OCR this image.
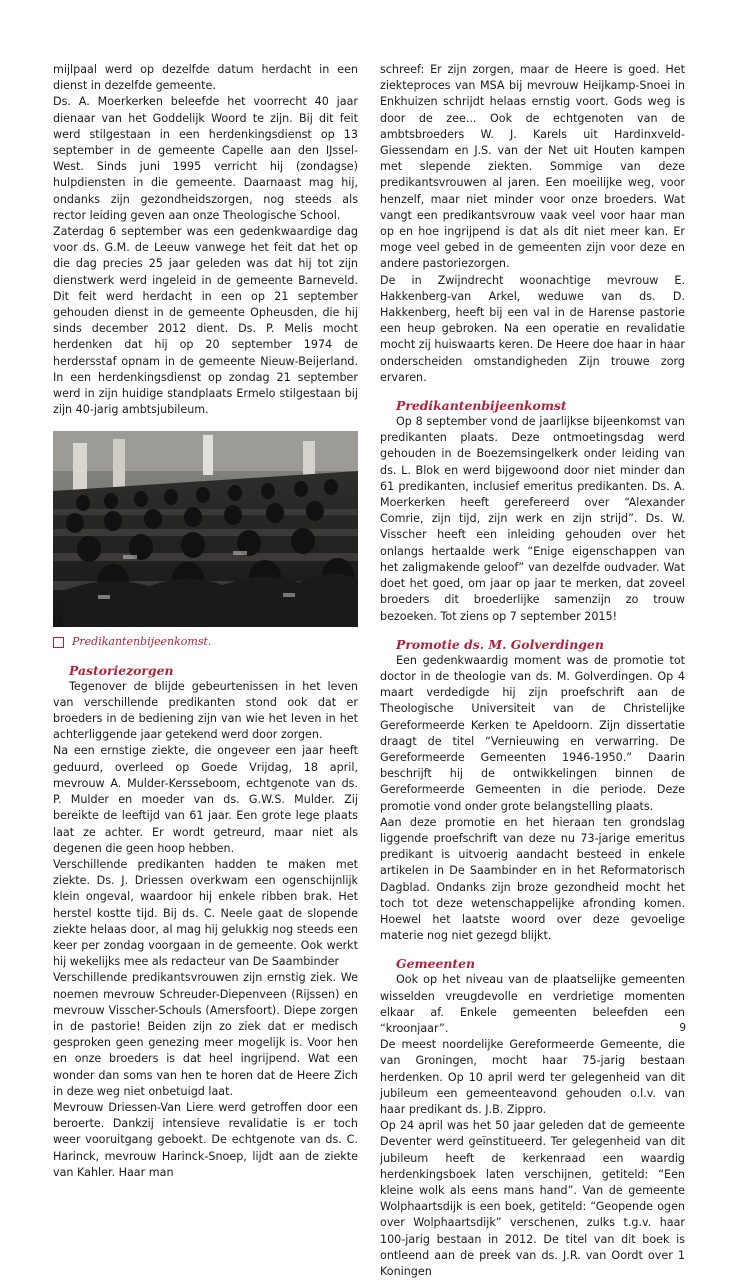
mijlpaal werd op dezelfde datum herdacht in een dienst in dezelfde gemeente.

Ds. A. Moerkerken beleefde het voorrecht 40 jaar dienaar van het Goddelijk Woord te zijn. Bij dit feit werd stilgestaan in een herdenkingsdienst op 13 september in de gemeente Capelle aan den IJssel-West. Sinds juni 1995 verricht hij (zondagse) hulpdiensten in die gemeente. Daarnaast mag hij, ondanks zijn gezondheidszorgen, nog steeds als rector leiding geven aan onze Theologische School.

Zaterdag 6 september was een gedenkwaardige dag voor ds. G.M. de Leeuw vanwege het feit dat het op die dag precies 25 jaar geleden was dat hij tot zijn dienstwerk werd ingeleid in de gemeente Barneveld. Dit feit werd herdacht in een op 21 september gehouden dienst in de gemeente Opheusden, die hij sinds december 2012 dient. Ds. P. Melis mocht herdenken dat hij op 20 september 1974 de herdersstaf opnam in de gemeente Nieuw-Beijerland. In een herdenkingsdienst op zondag 21 september werd in zijn huidige standplaats Ermelo stilgestaan bij zijn 40-jarig ambtsjubileum.

Predikantenbijeenkomst.
Pastoriezorgen

Tegenover de blijde gebeurtenissen in het leven van verschillende predikanten stond ook dat er broeders in de bediening zijn van wie het leven in het achterliggende jaar getekend werd door zorgen.

Na een ernstige ziekte, die ongeveer een jaar heeft geduurd, overleed op Goede Vrijdag, 18 april, mevrouw A. Mulder-Kersseboom, echtgenote van ds. P. Mulder en moeder van ds. G.W.S. Mulder. Zij bereikte de leeftijd van 61 jaar. Een grote lege plaats laat ze achter. Er wordt getreurd, maar niet als degenen die geen hoop hebben.

Verschillende predikanten hadden te maken met ziekte. Ds. J. Driessen overkwam een ogenschijnlijk klein ongeval, waardoor hij enkele ribben brak. Het herstel kostte tijd. Bij ds. C. Neele gaat de slopende ziekte helaas door, al mag hij gelukkig nog steeds een keer per zondag voorgaan in de gemeente. Ook werkt hij wekelijks mee als redacteur van De Saambinder

Verschillende predikantsvrouwen zijn ernstig ziek. We noemen mevrouw Schreuder-Diepenveen (Rijssen) en mevrouw Visscher-Schouls (Amersfoort). Diepe zorgen in de pastorie! Beiden zijn zo ziek dat er medisch gesproken geen genezing meer mogelijk is. Voor hen en onze broeders is dat heel ingrijpend. Wat een wonder dan soms van hen te horen dat de Heere Zich in deze weg niet onbetuigd laat.

Mevrouw Driessen-Van Liere werd getroffen door een beroerte. Dankzij intensieve revalidatie is er toch weer vooruitgang geboekt. De echtgenote van ds. C. Harinck, mevrouw Harinck-Snoep, lijdt aan de ziekte van Kahler. Haar man

schreef: Er zijn zorgen, maar de Heere is goed. Het ziekteproces van MSA bij mevrouw Heijkamp-Snoei in Enkhuizen schrijdt helaas ernstig voort. Gods weg is door de zee... Ook de echtgenoten van de ambtsbroeders W. J. Karels uit Hardinxveld-Giessendam en J.S. van der Net uit Houten kampen met slepende ziekten. Sommige van deze predikantsvrouwen al jaren. Een moeilijke weg, voor henzelf, maar niet minder voor onze broeders. Wat vangt een predikantsvrouw vaak veel voor haar man op en hoe ingrijpend is dat als dit niet meer kan. Er moge veel gebed in de gemeenten zijn voor deze en andere pastoriezorgen.

De in Zwijndrecht woonachtige mevrouw E. Hakkenberg-van Arkel, weduwe van ds. D. Hakkenberg, heeft bij een val in de Harense pastorie een heup gebroken. Na een operatie en revalidatie mocht zij huiswaarts keren. De Heere doe haar in haar onderscheiden omstandigheden Zijn trouwe zorg ervaren.

Predikantenbijeenkomst

Op 8 september vond de jaarlijkse bijeenkomst van predikanten plaats. Deze ontmoetingsdag werd gehouden in de Boezemsingelkerk onder leiding van ds. L. Blok en werd bijgewoond door niet minder dan 61 predikanten, inclusief emeritus predikanten. Ds. A. Moerkerken heeft gerefereerd over “Alexander Comrie, zijn tijd, zijn werk en zijn strijd”. Ds. W. Visscher heeft een inleiding gehouden over het onlangs hertaalde werk “Enige eigenschappen van het zaligmakende geloof” van dezelfde oudvader. Wat doet het goed, om jaar op jaar te merken, dat zoveel broeders dit broederlijke samenzijn zo trouw bezoeken. Tot ziens op 7 september 2015!

Promotie ds. M. Golverdingen

Een gedenkwaardig moment was de promotie tot doctor in de theologie van ds. M. Golverdingen. Op 4 maart verdedigde hij zijn proefschrift aan de Theologische Universiteit van de Christelijke Gereformeerde Kerken te Apeldoorn. Zijn dissertatie draagt de titel “Vernieuwing en verwarring. De Gereformeerde Gemeenten 1946-1950.” Daarin beschrijft hij de ontwikkelingen binnen de Gereformeerde Gemeenten in die periode. Deze promotie vond onder grote belangstelling plaats.

Aan deze promotie en het hieraan ten grondslag liggende proefschrift van deze nu 73-jarige emeritus predikant is uitvoerig aandacht besteed in enkele artikelen in De Saambinder en in het Reformatorisch Dagblad. Ondanks zijn broze gezondheid mocht het toch tot deze wetenschappelijke afronding komen. Hoewel het laatste woord over deze gevoelige materie nog niet gezegd blijkt.

Gemeenten

Ook op het niveau van de plaatselijke gemeenten wisselden vreugdevolle en verdrietige momenten elkaar af. Enkele gemeenten beleefden een “kroonjaar”.

De meest noordelijke Gereformeerde Gemeente, die van Groningen, mocht haar 75-jarig bestaan herdenken. Op 10 april werd ter gelegenheid van dit jubileum een gemeenteavond gehouden o.l.v. van haar predikant ds. J.B. Zippro.

Op 24 april was het 50 jaar geleden dat de gemeente Deventer werd geïnstitueerd. Ter gelegenheid van dit jubileum heeft de kerkenraad een waardig herdenkingsboek laten verschijnen, getiteld: “Een kleine wolk als eens mans hand”. Van de gemeente Wolphaartsdijk is een boek, getiteld: “Geopende ogen over Wolphaartsdijk” verschenen, zulks t.g.v. haar 100-jarig bestaan in 2012. De titel van dit boek is ontleend aan de preek van ds. J.R. van Oordt over 1 Koningen

9
